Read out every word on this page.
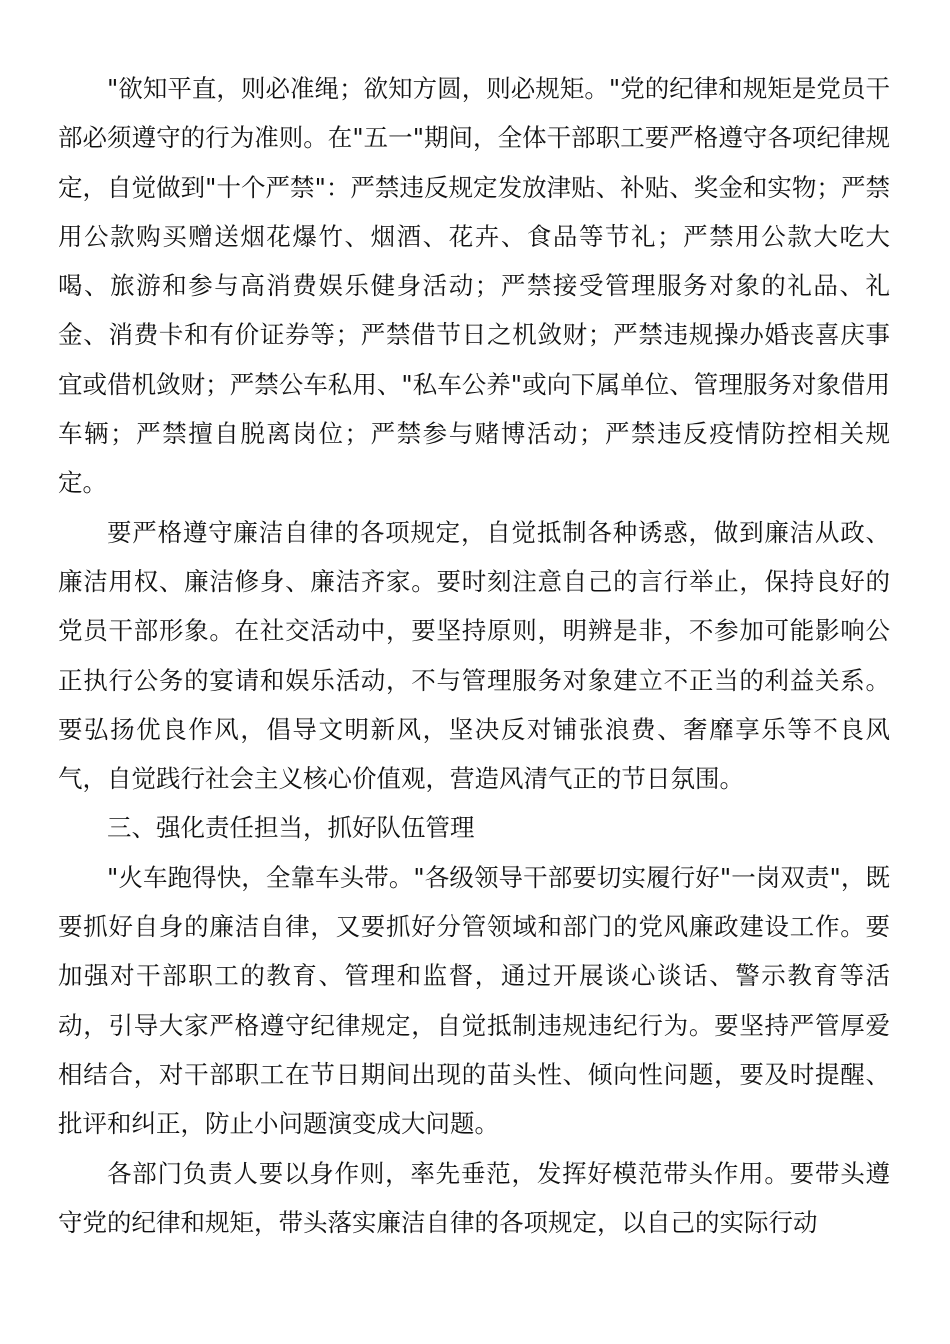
"欲知平直，则必准绳；欲知方圆，则必规矩。"党的纪律和规矩是党员干部必须遵守的行为准则。在"五一"期间，全体干部职工要严格遵守各项纪律规定，自觉做到"十个严禁"：严禁违反规定发放津贴、补贴、奖金和实物；严禁用公款购买赠送烟花爆竹、烟酒、花卉、食品等节礼；严禁用公款大吃大喝、旅游和参与高消费娱乐健身活动；严禁接受管理服务对象的礼品、礼金、消费卡和有价证券等；严禁借节日之机敛财；严禁违规操办婚丧喜庆事宜或借机敛财；严禁公车私用、"私车公养"或向下属单位、管理服务对象借用车辆；严禁擅自脱离岗位；严禁参与赌博活动；严禁违反疫情防控相关规定。

要严格遵守廉洁自律的各项规定，自觉抵制各种诱惑，做到廉洁从政、廉洁用权、廉洁修身、廉洁齐家。要时刻注意自己的言行举止，保持良好的党员干部形象。在社交活动中，要坚持原则，明辨是非，不参加可能影响公正执行公务的宴请和娱乐活动，不与管理服务对象建立不正当的利益关系。要弘扬优良作风，倡导文明新风，坚决反对铺张浪费、奢靡享乐等不良风气，自觉践行社会主义核心价值观，营造风清气正的节日氛围。

三、强化责任担当，抓好队伍管理

"火车跑得快，全靠车头带。"各级领导干部要切实履行好"一岗双责"，既要抓好自身的廉洁自律，又要抓好分管领域和部门的党风廉政建设工作。要加强对干部职工的教育、管理和监督，通过开展谈心谈话、警示教育等活动，引导大家严格遵守纪律规定，自觉抵制违规违纪行为。要坚持严管厚爱相结合，对干部职工在节日期间出现的苗头性、倾向性问题，要及时提醒、批评和纠正，防止小问题演变成大问题。

各部门负责人要以身作则，率先垂范，发挥好模范带头作用。要带头遵守党的纪律和规矩，带头落实廉洁自律的各项规定，以自己的实际行动
